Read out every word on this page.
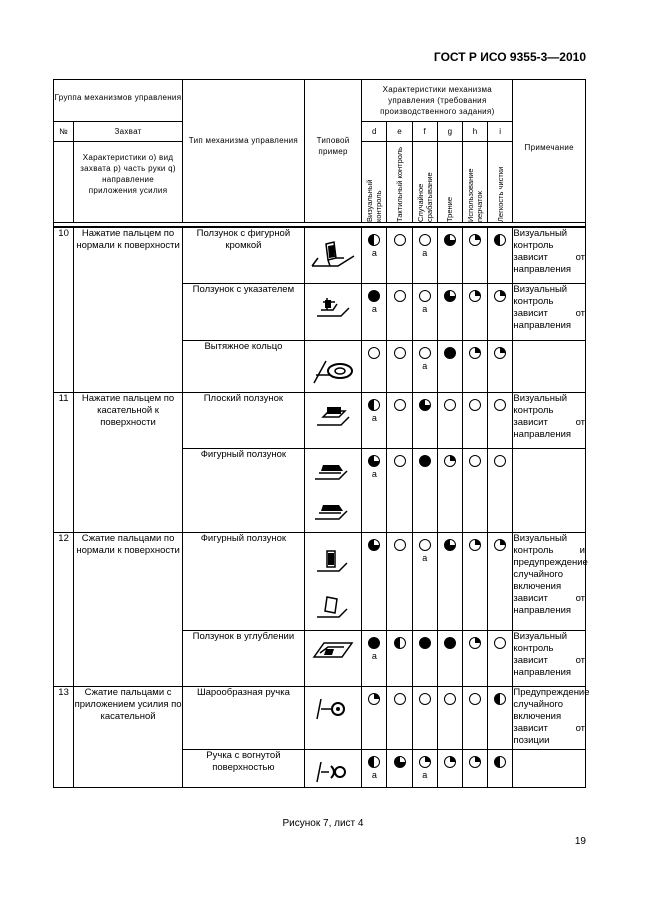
ГОСТ Р ИСО 9355-3—2010
Группа механизмов управления		Тип механизма управления	Типовой пример	Характеристики механизма управления (требования производственного задания)						Примечание
№	Захват			d	e	f	g	h	i	
	Характеристики o) вид захвата p) часть руки q) направление приложения усилия			Визуальный контроль	Тактильный контроль	Случайное срабатывание	Трение	Использование перчаток	Легкость чистки	

10	Нажатие пальцем по нормали к поверхности	Ползунок с фигурной кромкой		a		a				Визуальный контроль зависит от направления
		Ползунок с указателем		a		a				Визуальный контроль зависит от направления
		Вытяжное кольцо				a				

11	Нажатие пальцем по касательной к поверхности	Плоский ползунок		a						Визуальный контроль зависит от направления
		Фигурный ползунок		a						

12	Сжатие пальцами по нормали к поверхности	Фигурный ползунок				a				Визуальный контроль и предупреждение случайного включения зависит от направления
		Ползунок в углублении		a						Визуальный контроль зависит от направления
13	Сжатие пальцами с приложением усилия по касательной	Шарообразная ручка								Предупреждение случайного включения зависит от позиции
		Ручка с вогнутой поверхностью		a		a				

Рисунок 7, лист 4
19
